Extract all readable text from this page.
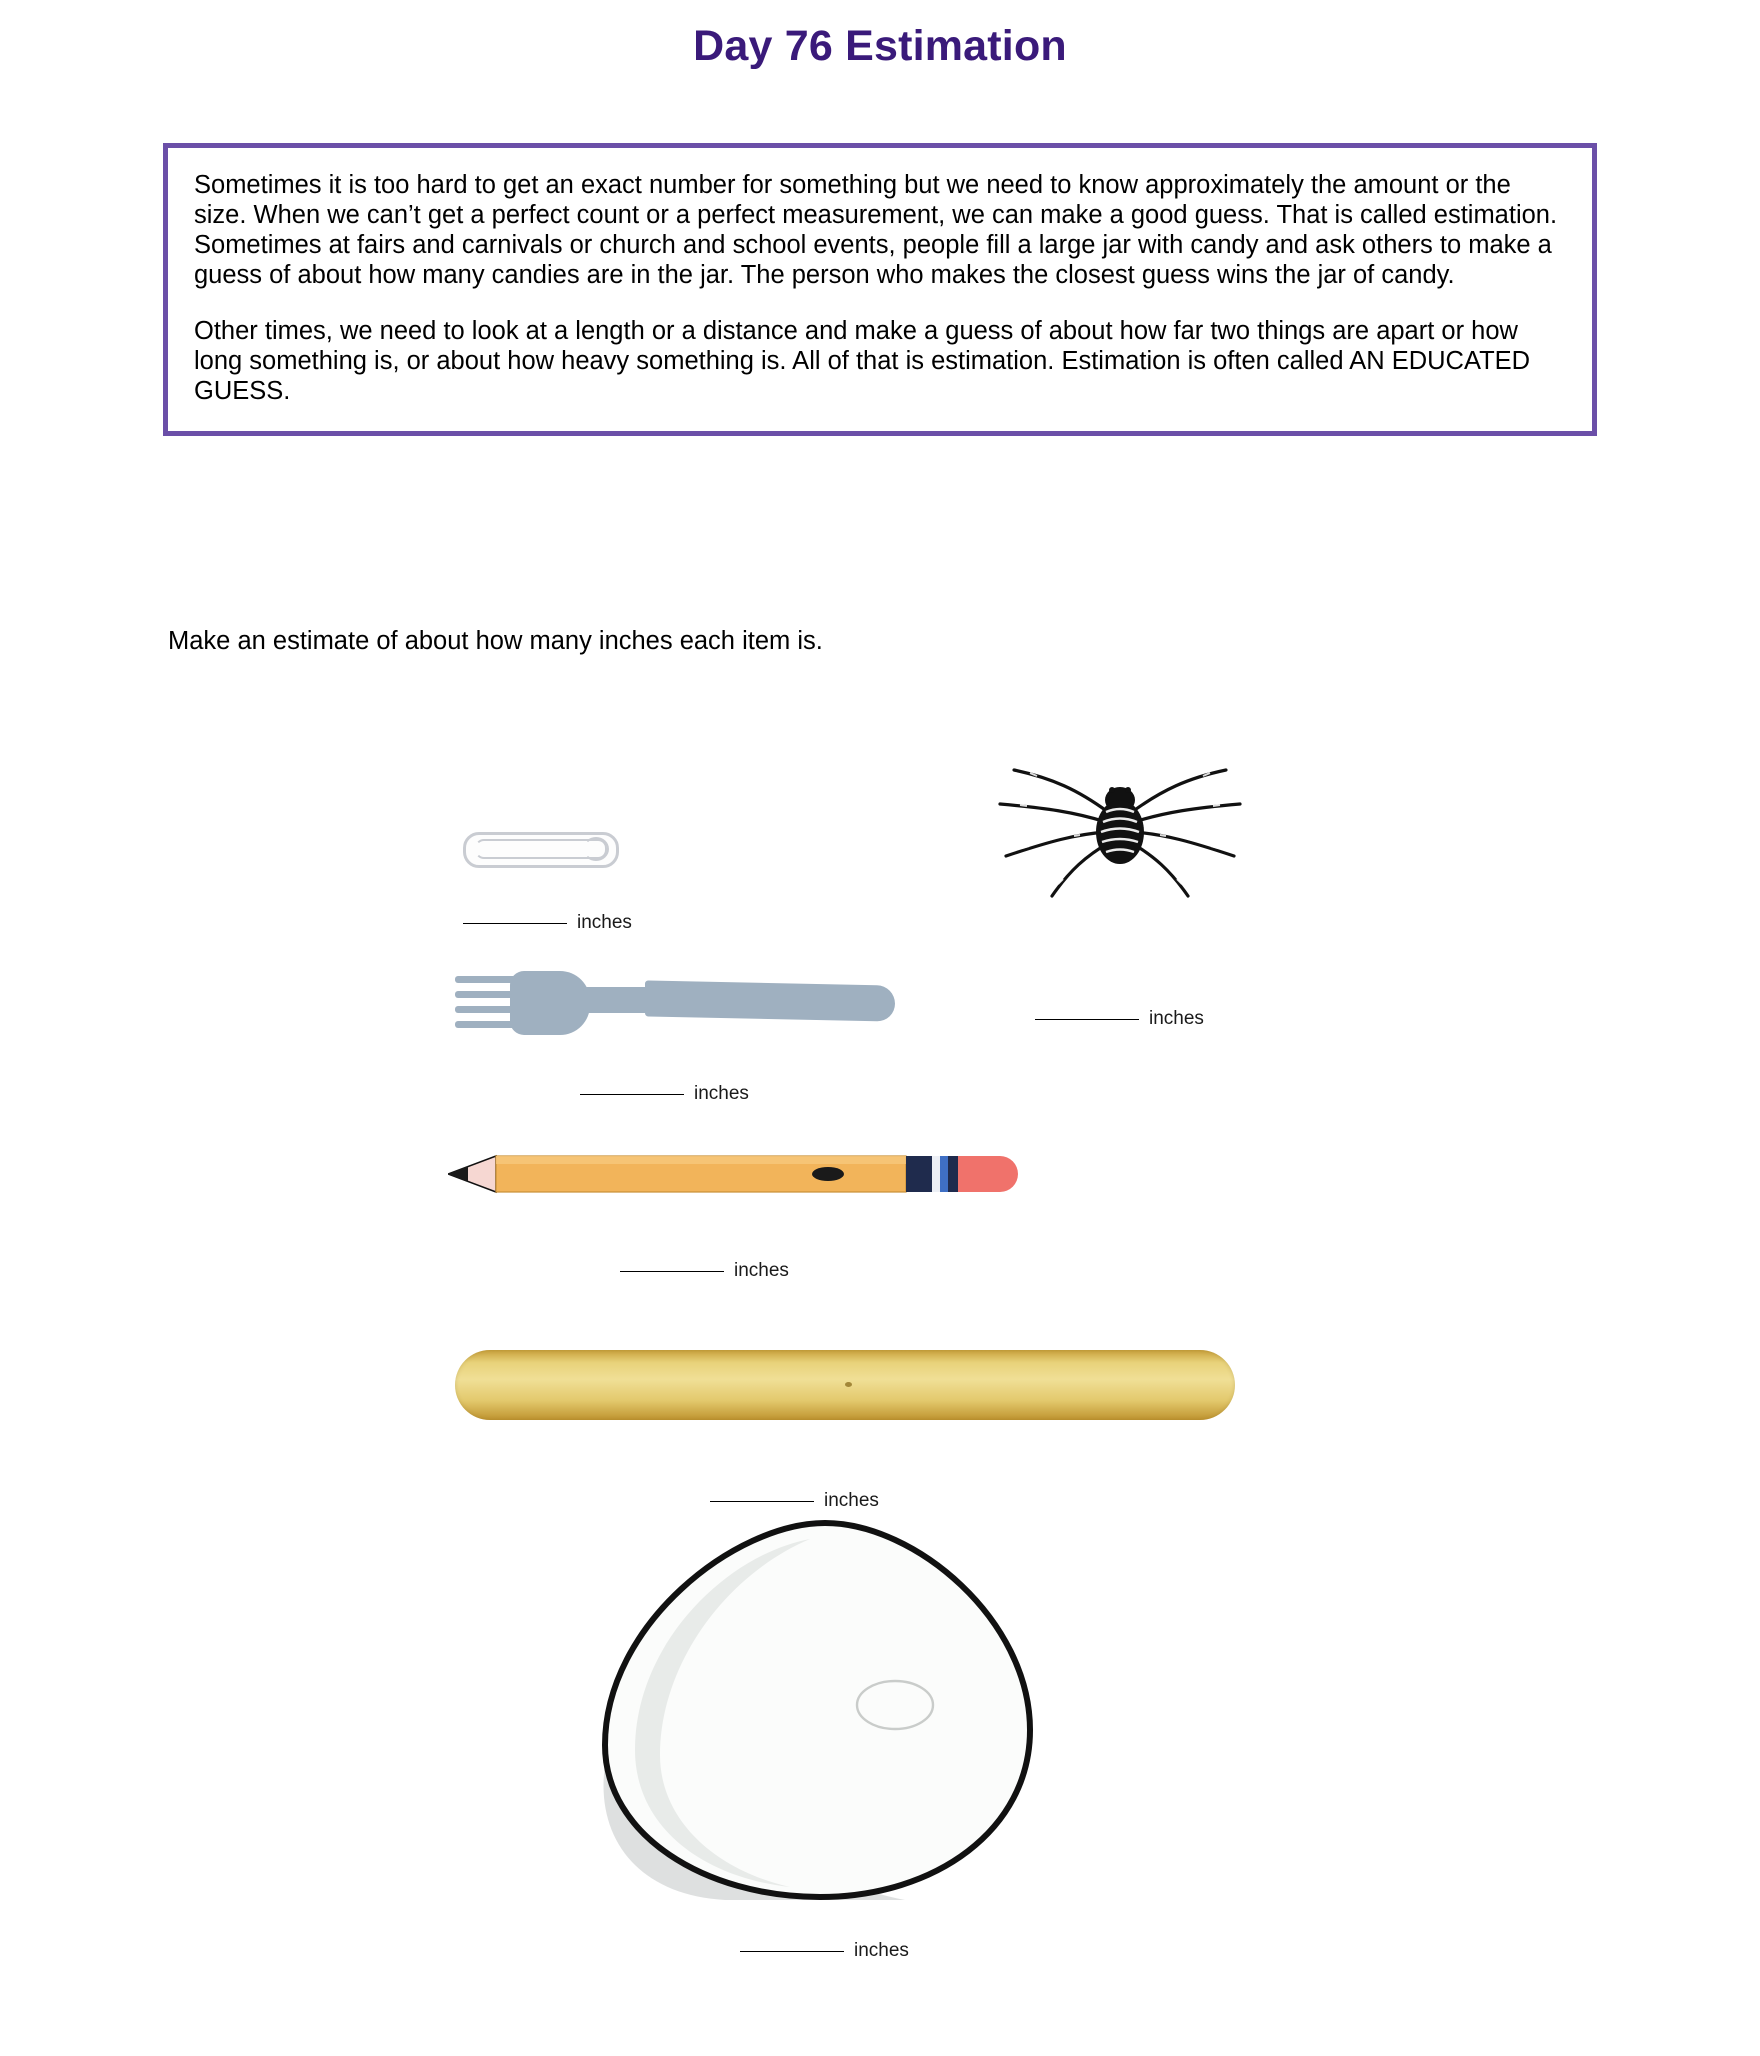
Day 76 Estimation

Sometimes it is too hard to get an exact number for something but we need to know approximately the amount or the size. When we can’t get a perfect count or a perfect measurement, we can make a good guess. That is called estimation. Sometimes at fairs and carnivals or church and school events, people fill a large jar with candy and ask others to make a guess of about how many candies are in the jar. The person who makes the closest guess wins the jar of candy.

Other times, we need to look at a length or a distance and make a guess of about how far two things are apart or how long something is, or about how heavy something is. All of that is estimation. Estimation is often called AN EDUCATED GUESS.

Make an estimate of about how many inches each item is.
inches
inches
inches
inches
inches
inches
